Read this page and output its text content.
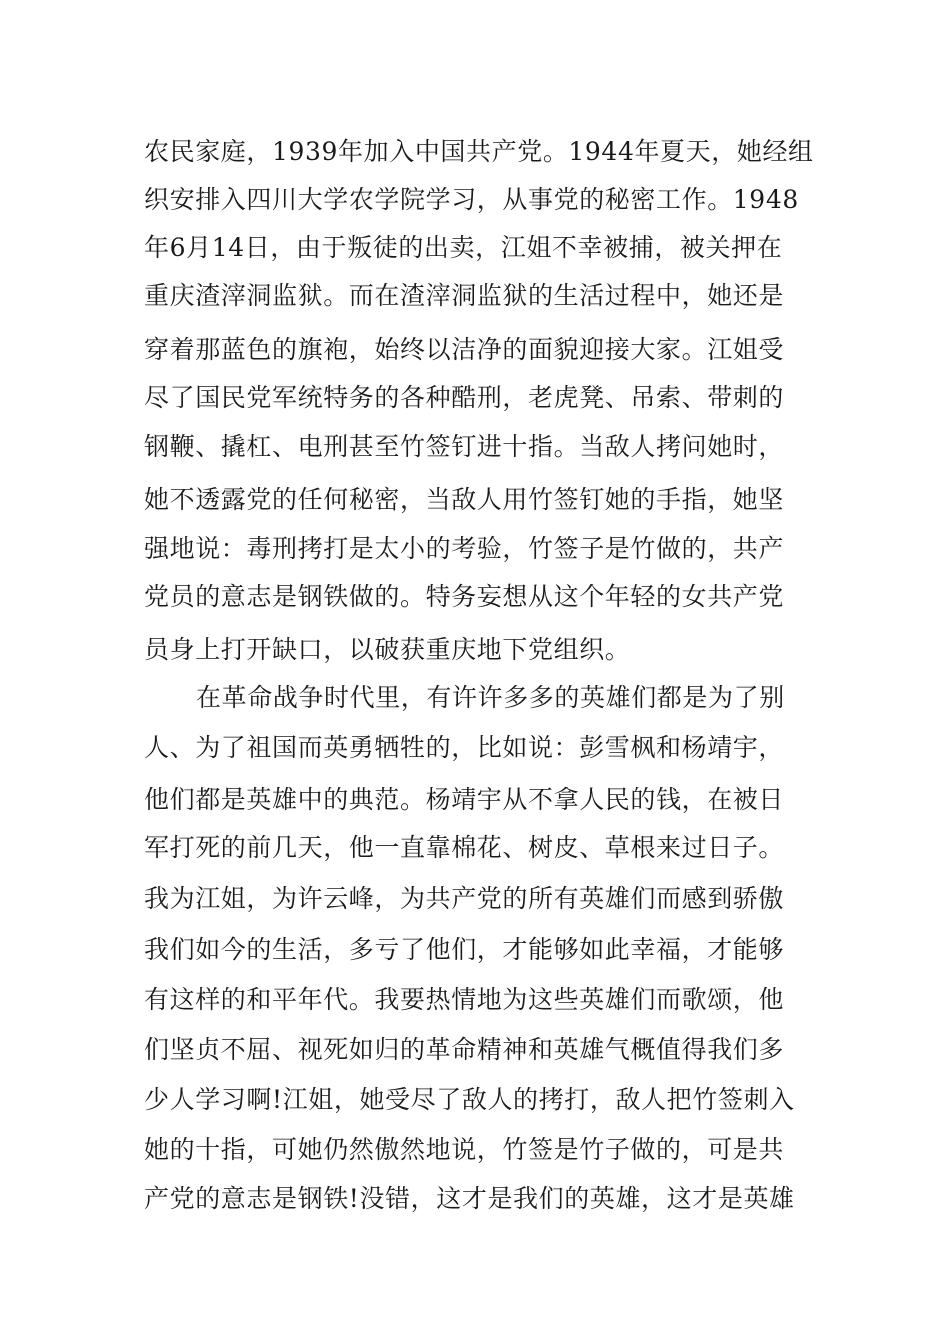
农民家庭，1939年加入中国共产党。1944年夏天，她经组

织安排入四川大学农学院学习，从事党的秘密工作。1948

年6月14日，由于叛徒的出卖，江姐不幸被捕，被关押在

重庆渣滓洞监狱。而在渣滓洞监狱的生活过程中，她还是

穿着那蓝色的旗袍，始终以洁净的面貌迎接大家。江姐受

尽了国民党军统特务的各种酷刑，老虎凳、吊索、带刺的

钢鞭、撬杠、电刑甚至竹签钉进十指。当敌人拷问她时，

她不透露党的任何秘密，当敌人用竹签钉她的手指，她坚

强地说：毒刑拷打是太小的考验，竹签子是竹做的，共产

党员的意志是钢铁做的。特务妄想从这个年轻的女共产党

员身上打开缺口，以破获重庆地下党组织。

在革命战争时代里，有许许多多的英雄们都是为了别

人、为了祖国而英勇牺牲的，比如说：彭雪枫和杨靖宇，

他们都是英雄中的典范。杨靖宇从不拿人民的钱，在被日

军打死的前几天，他一直靠棉花、树皮、草根来过日子。

我为江姐，为许云峰，为共产党的所有英雄们而感到骄傲

我们如今的生活，多亏了他们，才能够如此幸福，才能够

有这样的和平年代。我要热情地为这些英雄们而歌颂，他

们坚贞不屈、视死如归的革命精神和英雄气概值得我们多

少人学习啊!江姐，她受尽了敌人的拷打，敌人把竹签刺入

她的十指，可她仍然傲然地说，竹签是竹子做的，可是共

产党的意志是钢铁!没错，这才是我们的英雄，这才是英雄
